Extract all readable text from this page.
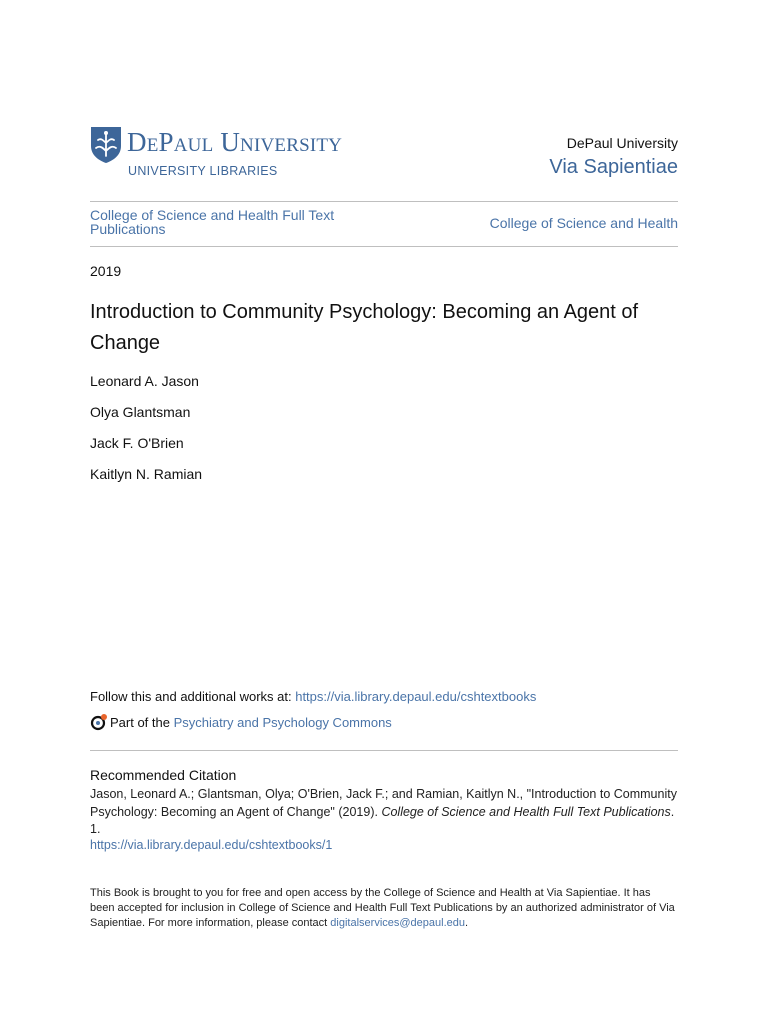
DePaul University
UNIVERSITY LIBRARIES
DePaul University
Via Sapientiae
College of Science and Health Full Text Publications	College of Science and Health
2019
Introduction to Community Psychology: Becoming an Agent of Change
Leonard A. Jason
Olya Glantsman
Jack F. O'Brien
Kaitlyn N. Ramian
Follow this and additional works at: https://via.library.depaul.edu/cshtextbooks
Part of the Psychiatry and Psychology Commons
Recommended Citation
Jason, Leonard A.; Glantsman, Olya; O'Brien, Jack F.; and Ramian, Kaitlyn N., "Introduction to Community Psychology: Becoming an Agent of Change" (2019). College of Science and Health Full Text Publications. 1.
https://via.library.depaul.edu/cshtextbooks/1
This Book is brought to you for free and open access by the College of Science and Health at Via Sapientiae. It has been accepted for inclusion in College of Science and Health Full Text Publications by an authorized administrator of Via Sapientiae. For more information, please contact digitalservices@depaul.edu.
